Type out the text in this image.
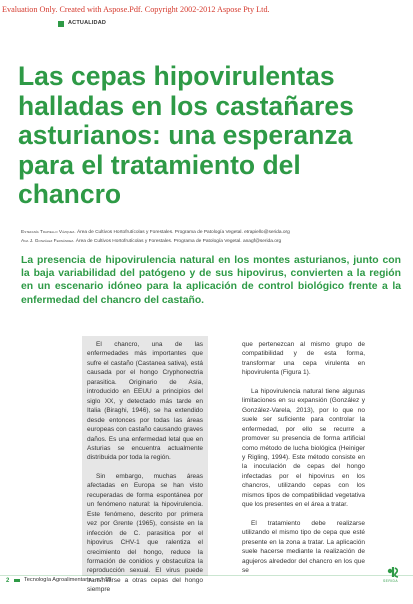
Evaluation Only. Created with Aspose.Pdf. Copyright 2002-2012 Aspose Pty Ltd.
ACTUALIDAD
Las cepas hipovirulentas halladas en los castañares asturianos: una esperanza para el tratamiento del chancro
Estefanía Trapiello Vázquez. Área de Cultivos Hortofrutícolas y Forestales. Programa de Patología Vegetal. etrapiello@serida.org
Ana J. González Fernández. Área de Cultivos Hortofrutícolas y Forestales. Programa de Patología Vegetal. anagf@serida.org

La presencia de hipovirulencia natural en los montes asturianos, junto con la baja variabilidad del patógeno y de sus hipovirus, convierten a la región en un escenario idóneo para la aplicación de control biológico frente a la enfermedad del chancro del castaño.

El chancro, una de las enfermedades más importantes que sufre el castaño (Castanea sativa), está causada por el hongo Cryphonectria parasitica. Originario de Asia, introducido en EEUU a principios del siglo XX, y detectado más tarde en Italia (Biraghi, 1946), se ha extendido desde entonces por todas las áreas europeas con castaño causando graves daños. Es una enfermedad letal que en Asturias se encuentra actualmente distribuida por toda la región.

Sin embargo, muchas áreas afectadas en Europa se han visto recuperadas de forma espontánea por un fenómeno natural: la hipovirulencia. Este fenómeno, descrito por primera vez por Grente (1965), consiste en la infección de C. parasitica por el hipovirus CHV-1 que ralentiza el crecimiento del hongo, reduce la formación de conidios y obstaculiza la reproducción sexual. El virus puede transmitirse a otras cepas del hongo siempre

que pertenezcan al mismo grupo de compatibilidad y de esta forma, transformar una cepa virulenta en hipovirulenta (Figura 1).

La hipovirulencia natural tiene algunas limitaciones en su expansión (González y González-Varela, 2013), por lo que no suele ser suficiente para controlar la enfermedad, por ello se recurre a promover su presencia de forma artificial como método de lucha biológica (Heiniger y Rigling, 1994). Este método consiste en la inoculación de cepas del hongo infectadas por el hipovirus en los chancros, utilizando cepas con los mismos tipos de compatibilidad vegetativa que los presentes en el área a tratar.

El tratamiento debe realizarse utilizando el mismo tipo de cepa que esté presente en la zona a tratar. La aplicación suele hacerse mediante la realización de agujeros alrededor del chancro en los que se

2	Tecnología Agroalimentaria - n.º 19	SERIDA
